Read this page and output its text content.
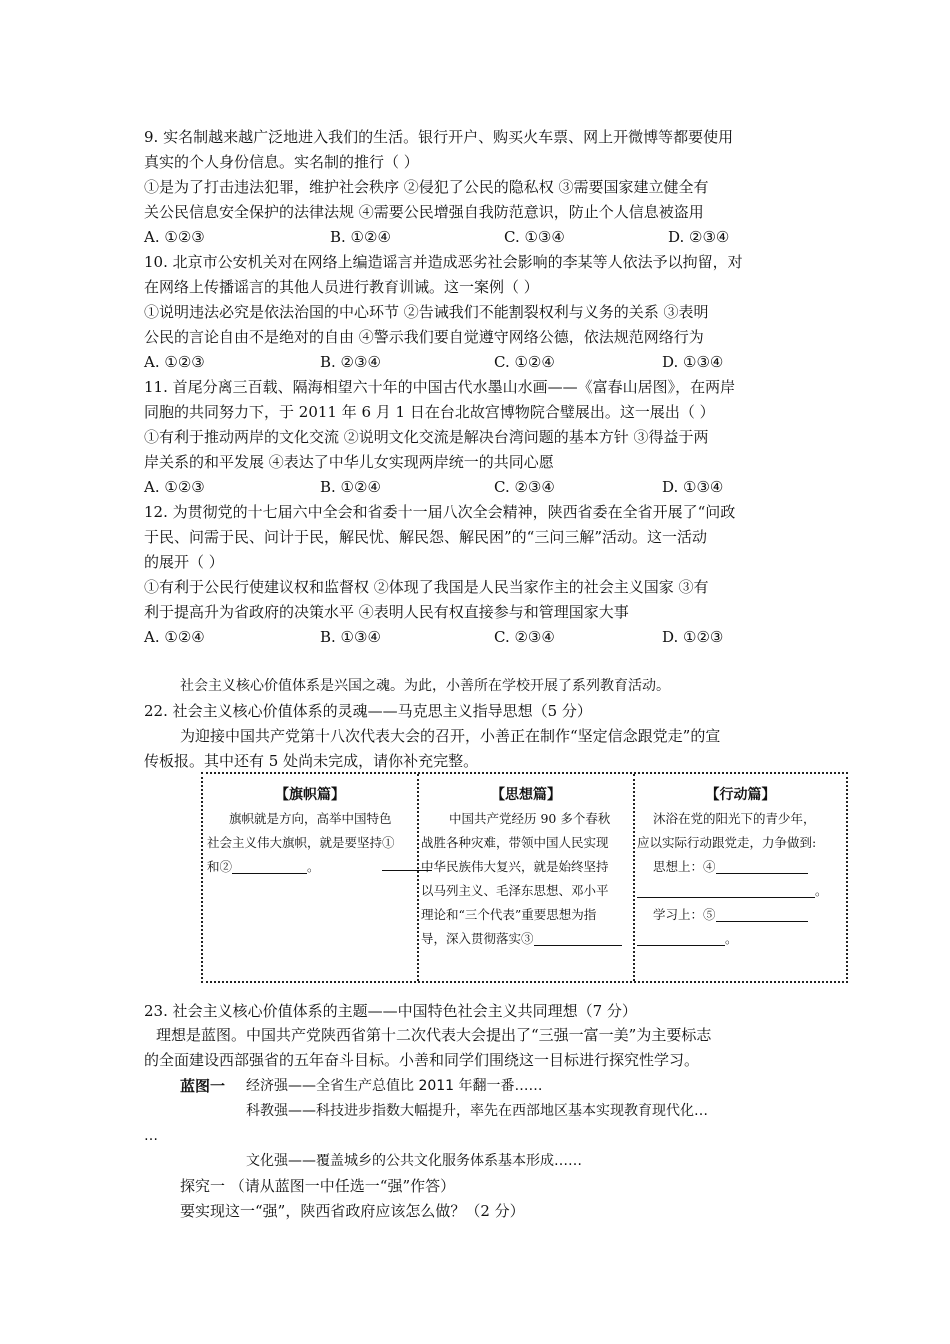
9. 实名制越来越广泛地进入我们的生活。银行开户、购买火车票、网上开微博等都要使用
真实的个人身份信息。实名制的推行（ ）
①是为了打击违法犯罪，维护社会秩序 ②侵犯了公民的隐私权 ③需要国家建立健全有
关公民信息安全保护的法律法规 ④需要公民增强自我防范意识，防止个人信息被盗用
A. ①②③	B. ①②④	C. ①③④	D. ②③④
10. 北京市公安机关对在网络上编造谣言并造成恶劣社会影响的李某等人依法予以拘留，对
在网络上传播谣言的其他人员进行教育训诫。这一案例（ ）
①说明违法必究是依法治国的中心环节 ②告诫我们不能割裂权利与义务的关系 ③表明
公民的言论自由不是绝对的自由 ④警示我们要自觉遵守网络公德，依法规范网络行为
A. ①②③	B. ②③④	C. ①②④	D. ①③④
11. 首尾分离三百载、隔海相望六十年的中国古代水墨山水画——《富春山居图》，在两岸
同胞的共同努力下，于 2011 年 6 月 1 日在台北故宫博物院合璧展出。这一展出（ ）
①有利于推动两岸的文化交流 ②说明文化交流是解决台湾问题的基本方针 ③得益于两
岸关系的和平发展 ④表达了中华儿女实现两岸统一的共同心愿
A. ①②③	B. ①②④	C. ②③④	D. ①③④
12. 为贯彻党的十七届六中全会和省委十一届八次全会精神，陕西省委在全省开展了“问政
于民、问需于民、问计于民，解民忧、解民怨、解民困”的“三问三解”活动。这一活动
的展开（ ）
①有利于公民行使建议权和监督权 ②体现了我国是人民当家作主的社会主义国家 ③有
利于提高升为省政府的决策水平 ④表明人民有权直接参与和管理国家大事
A. ①②④	B. ①③④	C. ②③④	D. ①②③
社会主义核心价值体系是兴国之魂。为此，小善所在学校开展了系列教育活动。
22. 社会主义核心价值体系的灵魂——马克思主义指导思想（5 分）
为迎接中国共产党第十八次代表大会的召开，小善正在制作“坚定信念跟党走”的宣
传板报。其中还有 5 处尚未完成，请你补充完整。
【旗帜篇】
旗帜就是方向，高举中国特色
社会主义伟大旗帜，就是要坚持①
和②	。
【思想篇】
中国共产党经历 90 多个春秋
战胜各种灾难，带领中国人民实现
中华民族伟大复兴，就是始终坚持
以马列主义、毛泽东思想、邓小平
理论和“三个代表”重要思想为指
导，深入贯彻落实③
【行动篇】
沐浴在党的阳光下的青少年，
应以实际行动跟党走，力争做到:
思想上：④
。
学习上：⑤
。
23. 社会主义核心价值体系的主题——中国特色社会主义共同理想（7 分）
理想是蓝图。中国共产党陕西省第十二次代表大会提出了“三强一富一美”为主要标志
的全面建设西部强省的五年奋斗目标。小善和同学们围绕这一目标进行探究性学习。
蓝图一 经济强——全省生产总值比 2011 年翻一番……
科教强——科技进步指数大幅提升，率先在西部地区基本实现教育现代化…
…
文化强——覆盖城乡的公共文化服务体系基本形成……
探究一 （请从蓝图一中任选一“强”作答）
要实现这一“强”，陕西省政府应该怎么做？（2 分）
